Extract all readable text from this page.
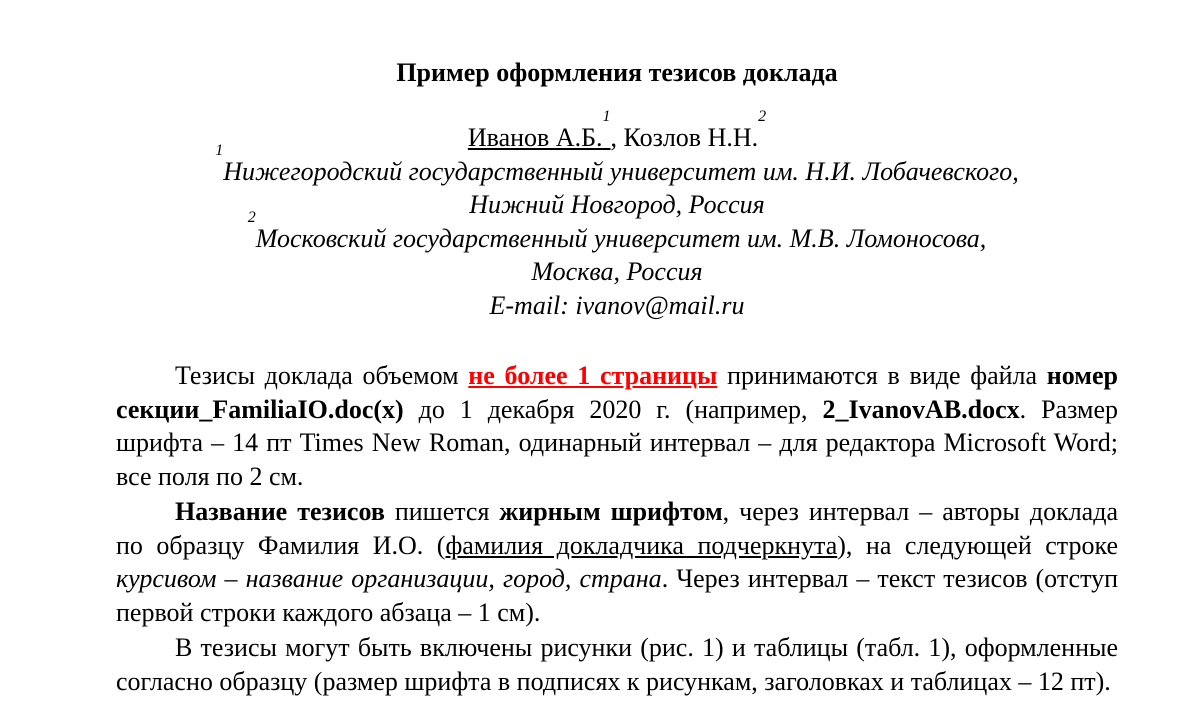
Пример оформления тезисов доклада
Иванов А.Б.$^1$, Козлов Н.Н.$^2$
$^1$Нижегородский государственный университет им. Н.И. Лобачевского,
Нижний Новгород, Россия
$^2$Московский государственный университет им. М.В. Ломоносова,
Москва, Россия
E-mail: ivanov@mail.ru

Тезисы доклада объемом не более 1 страницы принимаются в виде файла номер секции_FamiliaIO.doc(x) до 1 декабря 2020 г. (например, 2_IvanovAB.docx. Размер шрифта – 14 пт Times New Roman, одинарный интервал – для редактора Microsoft Word; все поля по 2 см.

Название тезисов пишется жирным шрифтом, через интервал – авторы доклада по образцу Фамилия И.О. (фамилия докладчика подчеркнута), на следующей строке курсивом – название организации, город, страна. Через интервал – текст тезисов (отступ первой строки каждого абзаца – 1 см).

В тезисы могут быть включены рисунки (рис. 1) и таблицы (табл. 1), оформленные согласно образцу (размер шрифта в подписях к рисункам, заголовках и таблицах – 12 пт).
